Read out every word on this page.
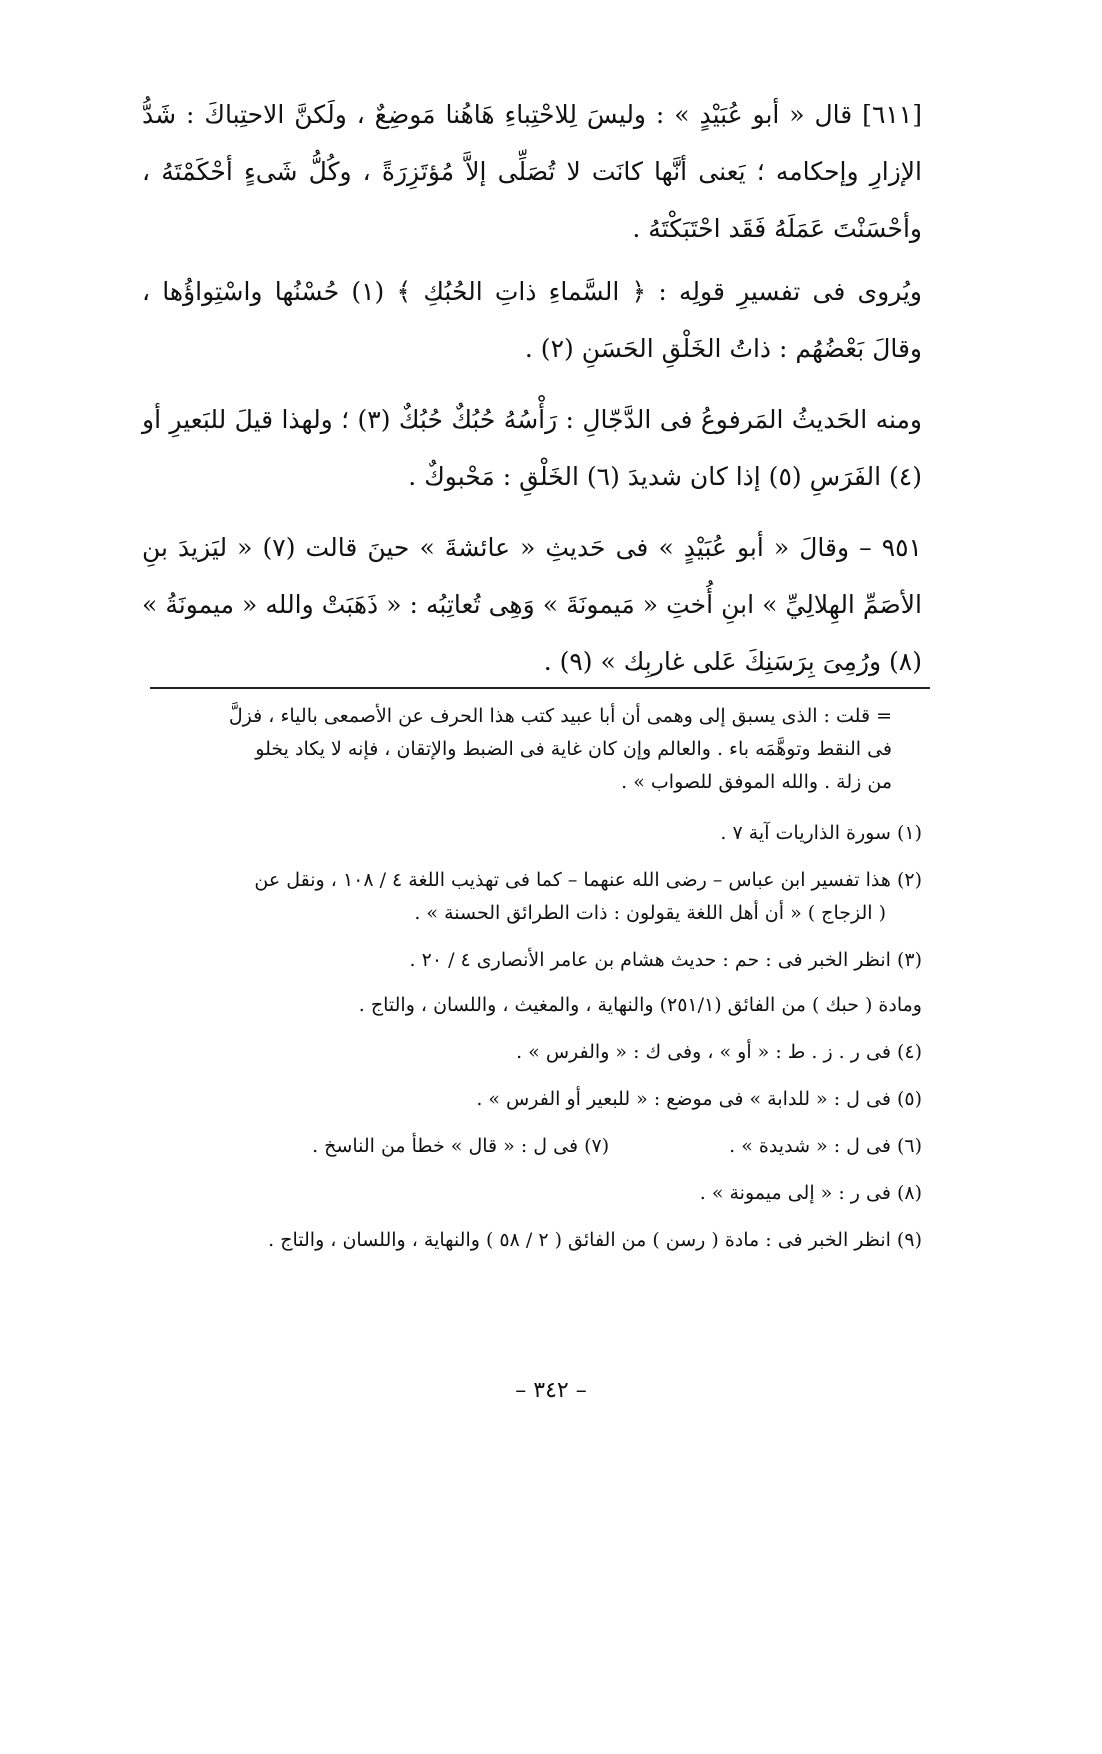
[٦١١] قال « أبو عُبَيْدٍ » : وليسَ لِلاحْتِباءِ هَاهُنا مَوضِعٌ ، ولَكنَّ الاحتِباكَ : شَدُّ الإزارِ وإحكامه ؛ يَعنى أنَّها كانَت لا تُصَلِّى إلاَّ مُؤتَزِرَةً ، وكُلُّ شَىءٍ أحْكَمْتَهُ ، وأحْسَنْتَ عَمَلَهُ فَقَد احْتَبَكْتَهُ .

ويُروى فى تفسيرِ قولِه : ﴿ السَّماءِ ذاتِ الحُبُكِ ﴾ (١) حُسْنُها واسْتِواؤُها ، وقالَ بَعْضُهُم : ذاتُ الخَلْقِ الحَسَنِ (٢) .

ومنه الحَديثُ المَرفوعُ فى الدَّجّالِ : رَأْسُهُ حُبُكٌ حُبُكٌ (٣) ؛ ولهذا قيلَ للبَعيرِ أو (٤) الفَرَسِ (٥) إذا كان شديدَ (٦) الخَلْقِ : مَحْبوكٌ .

٩٥١ – وقالَ « أبو عُبَيْدٍ » فى حَديثِ « عائشةَ » حينَ قالت (٧) « ليَزيدَ بنِ الأصَمِّ الهِلالِيِّ » ابنِ أُختِ « مَيمونَةَ » وَهِى تُعاتِبُه : « ذَهَبَتْ والله « ميمونَةُ » (٨) ورُمِىَ بِرَسَنِكَ عَلى غاربِك » (٩) .

= قلت : الذى يسبق إلى وهمى أن أبا عبيد كتب هذا الحرف عن الأصمعى بالياء ، فزلَّ
فى النقط وتوهَّمَه باء . والعالم وإن كان غاية فى الضبط والإتقان ، فإنه لا يكاد يخلو
من زلة . والله الموفق للصواب » .
(١) سورة الذاريات آية ٧ .
(٢) هذا تفسير ابن عباس – رضى الله عنهما – كما فى تهذيب اللغة ٤ / ١٠٨ ، ونقل عن
( الزجاج ) « أن أهل اللغة يقولون : ذات الطرائق الحسنة » .
(٣) انظر الخبر فى : حم : حديث هشام بن عامر الأنصارى ٤ / ٢٠ .
ومادة ( حبك ) من الفائق (٢٥١/١) والنهاية ، والمغيث ، واللسان ، والتاج .
(٤) فى ر . ز . ط : « أو » ، وفى ك : « والفرس » .
(٥) فى ل : « للدابة » فى موضع : « للبعير أو الفرس » .
(٦) فى ل : « شديدة » .
(٧) فى ل : « قال » خطأ من الناسخ .
(٨) فى ر : « إلى ميمونة » .
(٩) انظر الخبر فى : مادة ( رسن ) من الفائق ( ٢ / ٥٨ ) والنهاية ، واللسان ، والتاج .
– ٣٤٢ –
